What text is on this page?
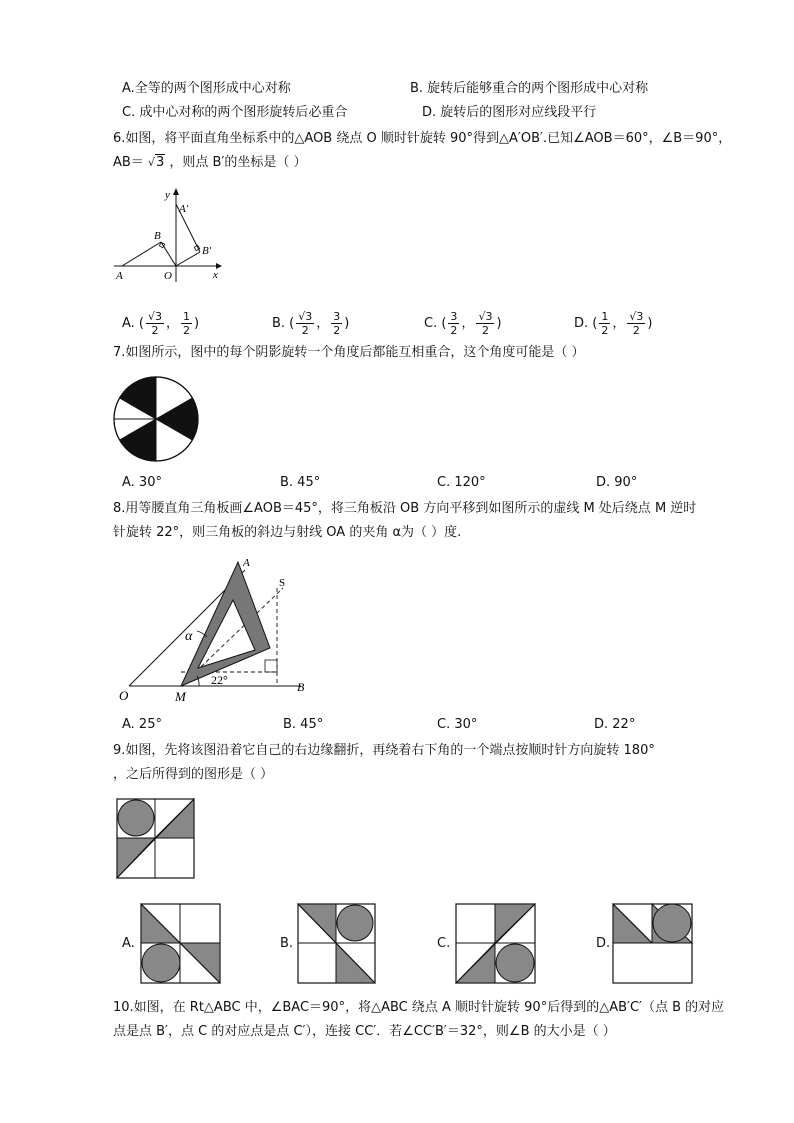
A.全等的两个图形成中心对称	B. 旋转后能够重合的两个图形成中心对称
C. 成中心对称的两个图形旋转后必重合	D. 旋转后的图形对应线段平行
6.如图，将平面直角坐标系中的△AOB 绕点 O 顺时针旋转 90°得到△A′OB′.已知∠AOB＝60°，∠B＝90°，
AB＝ √3 ，则点 B′的坐标是（ ）
y
A′
B′
B
A	O	x
A. ( $\frac{√3}{2}$ ， $\frac{1}{2}$ )	B. ( $\frac{√3}{2}$ ， $\frac{3}{2}$ )	C. ( $\frac{3}{2}$ ， $\frac{√3}{2}$ )	D. ( $\frac{1}{2}$ ， $\frac{√3}{2}$ )
7.如图所示，图中的每个阴影旋转一个角度后都能互相重合，这个角度可能是（ ）
A. 30°	B. 45°	C. 120°	D. 90°
8.用等腰直角三角板画∠AOB＝45°，将三角板沿 OB 方向平移到如图所示的虚线 M 处后绕点 M 逆时
针旋转 22°，则三角板的斜边与射线 OA 的夹角 α为（ ）度.
A
S
α
22°
O	M
B
A. 25°	B. 45°	C. 30°	D. 22°
9.如图，先将该图沿着它自己的右边缘翻折，再绕着右下角的一个端点按顺时针方向旋转 180°
，之后所得到的图形是（ ）
A.	B.	C.	D.
10.如图，在 Rt△ABC 中，∠BAC＝90°，将△ABC 绕点 A 顺时针旋转 90°后得到的△AB′C′（点 B 的对应
点是点 B′，点 C 的对应点是点 C′），连接 CC′．若∠CC′B′＝32°，则∠B 的大小是（ ）
